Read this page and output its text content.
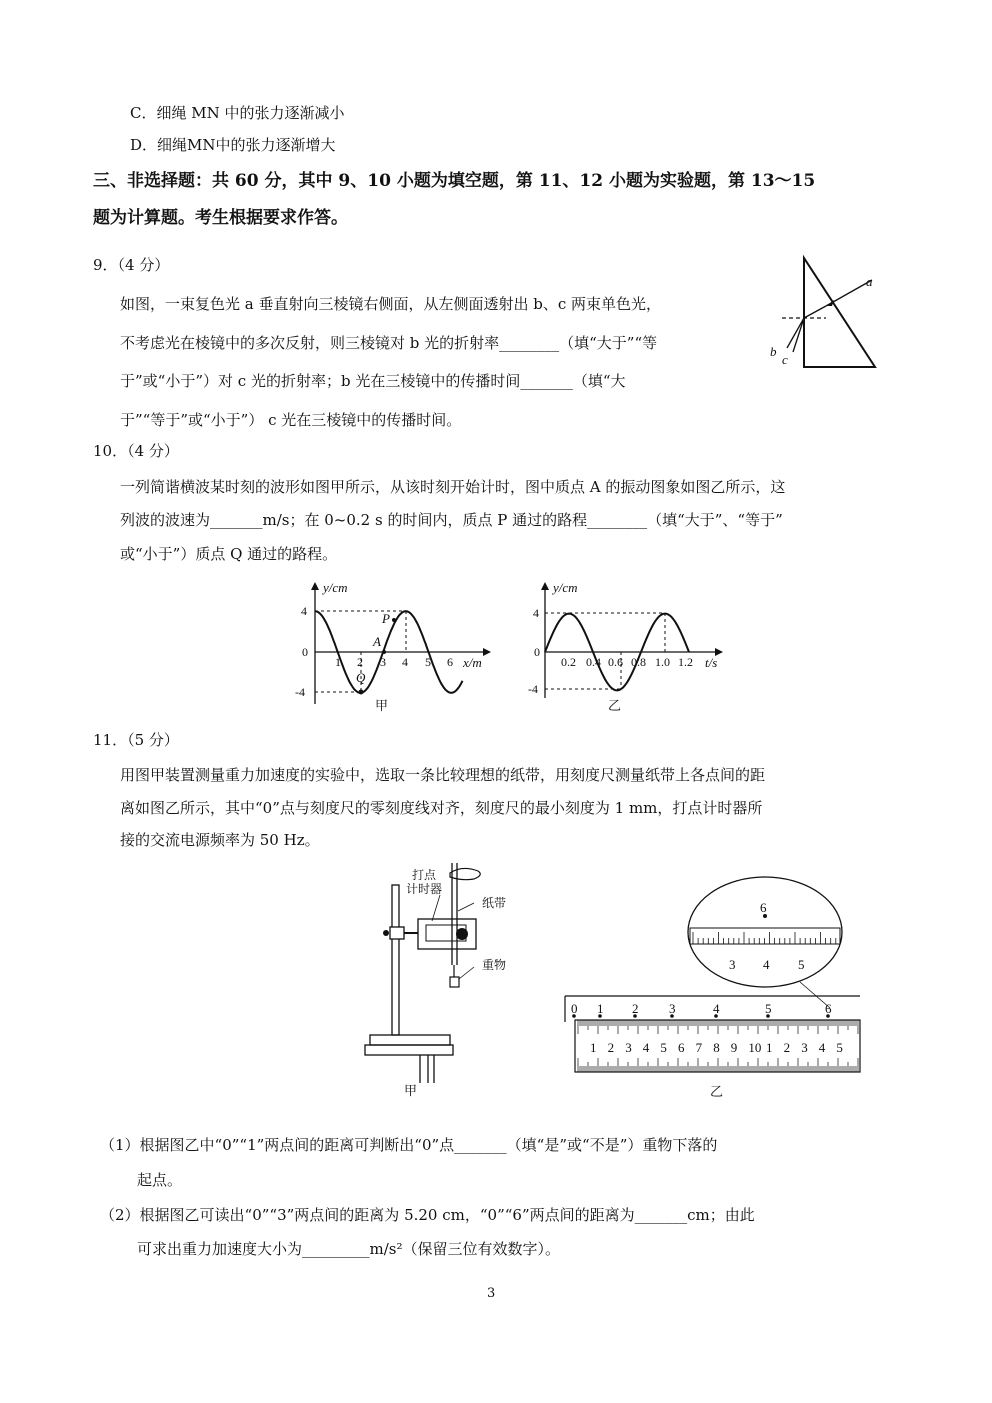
C．细绳 MN 中的张力逐渐减小
D．细绳MN中的张力逐渐增大
三、非选择题：共 60 分，其中 9、10 小题为填空题，第 11、12 小题为实验题，第 13～15
题为计算题。考生根据要求作答。
9．（4 分）
如图，一束复色光 a 垂直射向三棱镜右侧面，从左侧面透射出 b、c 两束单色光，
不考虑光在棱镜中的多次反射，则三棱镜对 b 光的折射率________（填“大于”“等
于”或“小于”）对 c 光的折射率；b 光在三棱镜中的传播时间_______（填“大
于”“等于”或“小于”） c 光在三棱镜中的传播时间。
a
b
c
10．（4 分）
一列简谐横波某时刻的波形如图甲所示，从该时刻开始计时，图中质点 A 的振动图象如图乙所示，这
列波的波速为_______m/s；在 0~0.2 s 的时间内，质点 P 通过的路程________（填“大于”、“等于”
或“小于”）质点 Q 通过的路程。
y/cm
x/m
4
0
-4
1 2 3 4 5 6
P
A
Q
甲
y/cm
t/s
4
0
-4
0.2 0.4 0.6 0.8 1.0 1.2
乙
11．（5 分）
用图甲装置测量重力加速度的实验中，选取一条比较理想的纸带，用刻度尺测量纸带上各点间的距
离如图乙所示，其中“0”点与刻度尺的零刻度线对齐，刻度尺的最小刻度为 1 mm，打点计时器所
接的交流电源频率为 50 Hz。
打点
计时器
纸带
重物
甲
6
3 4 5
0 1 2 3	4	5	6
1 2 3 4 5 6 7 8 9 10 1 2 3 4 5
乙
（1）根据图乙中“0”“1”两点间的距离可判断出“0”点_______（填“是”或“不是”）重物下落的
起点。
（2）根据图乙可读出“0”“3”两点间的距离为 5.20 cm，“0”“6”两点间的距离为_______cm；由此
可求出重力加速度大小为_________m/s²（保留三位有效数字）。
3
